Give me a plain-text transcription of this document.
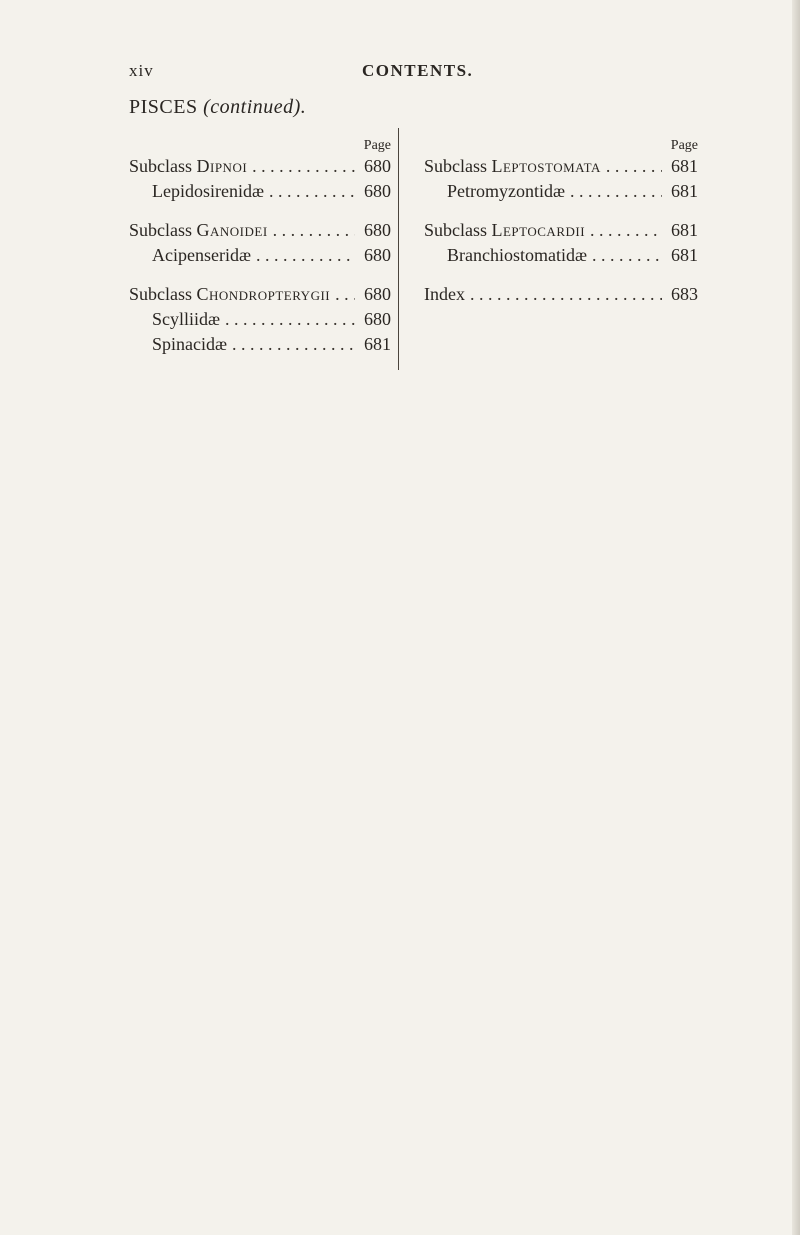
xiv	CONTENTS.
PISCES (continued).
Page
Subclass Dipnoi . . .	680
Lepidosirenidæ . . .	680
Subclass Ganoidei . . .	680
Acipenseridæ . . .	680
Subclass Chondropterygii . . . 680
Scylliidæ . . .	680
Spinacidæ . . .	681
Page
Subclass Leptostomata . . .	681
Petromyzontidæ . . .	681
Subclass Leptocardii . . .	681
Branchiostomatidæ . . .	681
Index . . .	683
